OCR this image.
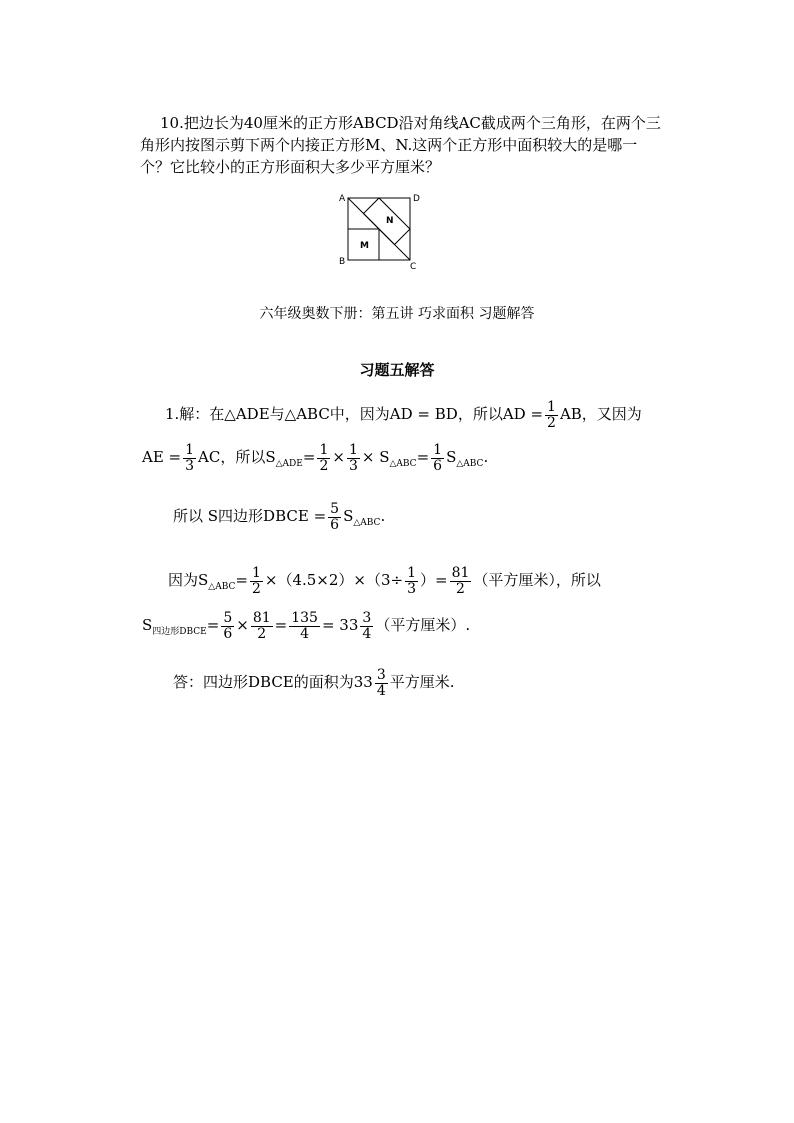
10.把边长为40厘米的正方形ABCD沿对角线AC截成两个三角形，在两个三
角形内按图示剪下两个内接正方形M、N.这两个正方形中面积较大的是哪一
个？它比较小的正方形面积大多少平方厘米？
A	D
B	C
M
N
六年级奥数下册：第五讲 巧求面积 习题解答
习题五解答
1.解：在△ADE与△ABC中，因为AD = BD，所以AD = $\frac{1}{2}$ AB，又因为
AE = $\frac{1}{3}$ AC，所以$S_{\triangle ADE}= \frac{1}{2} \times \frac{1}{3} \times S_{\triangle ABC}= \frac{1}{6} S_{\triangle ABC}$.
所以 S四边形DBCE = $\frac{5}{6} S_{\triangle ABC}$.
因为$S_{\triangle ABC}= \frac{1}{2} \times(4.5\times 2)\times(3\div \frac{1}{3}$ ）= $\frac{81}{2}$ （平方厘米），所以
$S_{四边形DBCE}= \frac{5}{6} \times \frac{81}{2} = \frac{135}{4} = 33 \frac{3}{4}$ （平方厘米）.
答：四边形DBCE的面积为$33 \frac{3}{4}$ 平方厘米.
